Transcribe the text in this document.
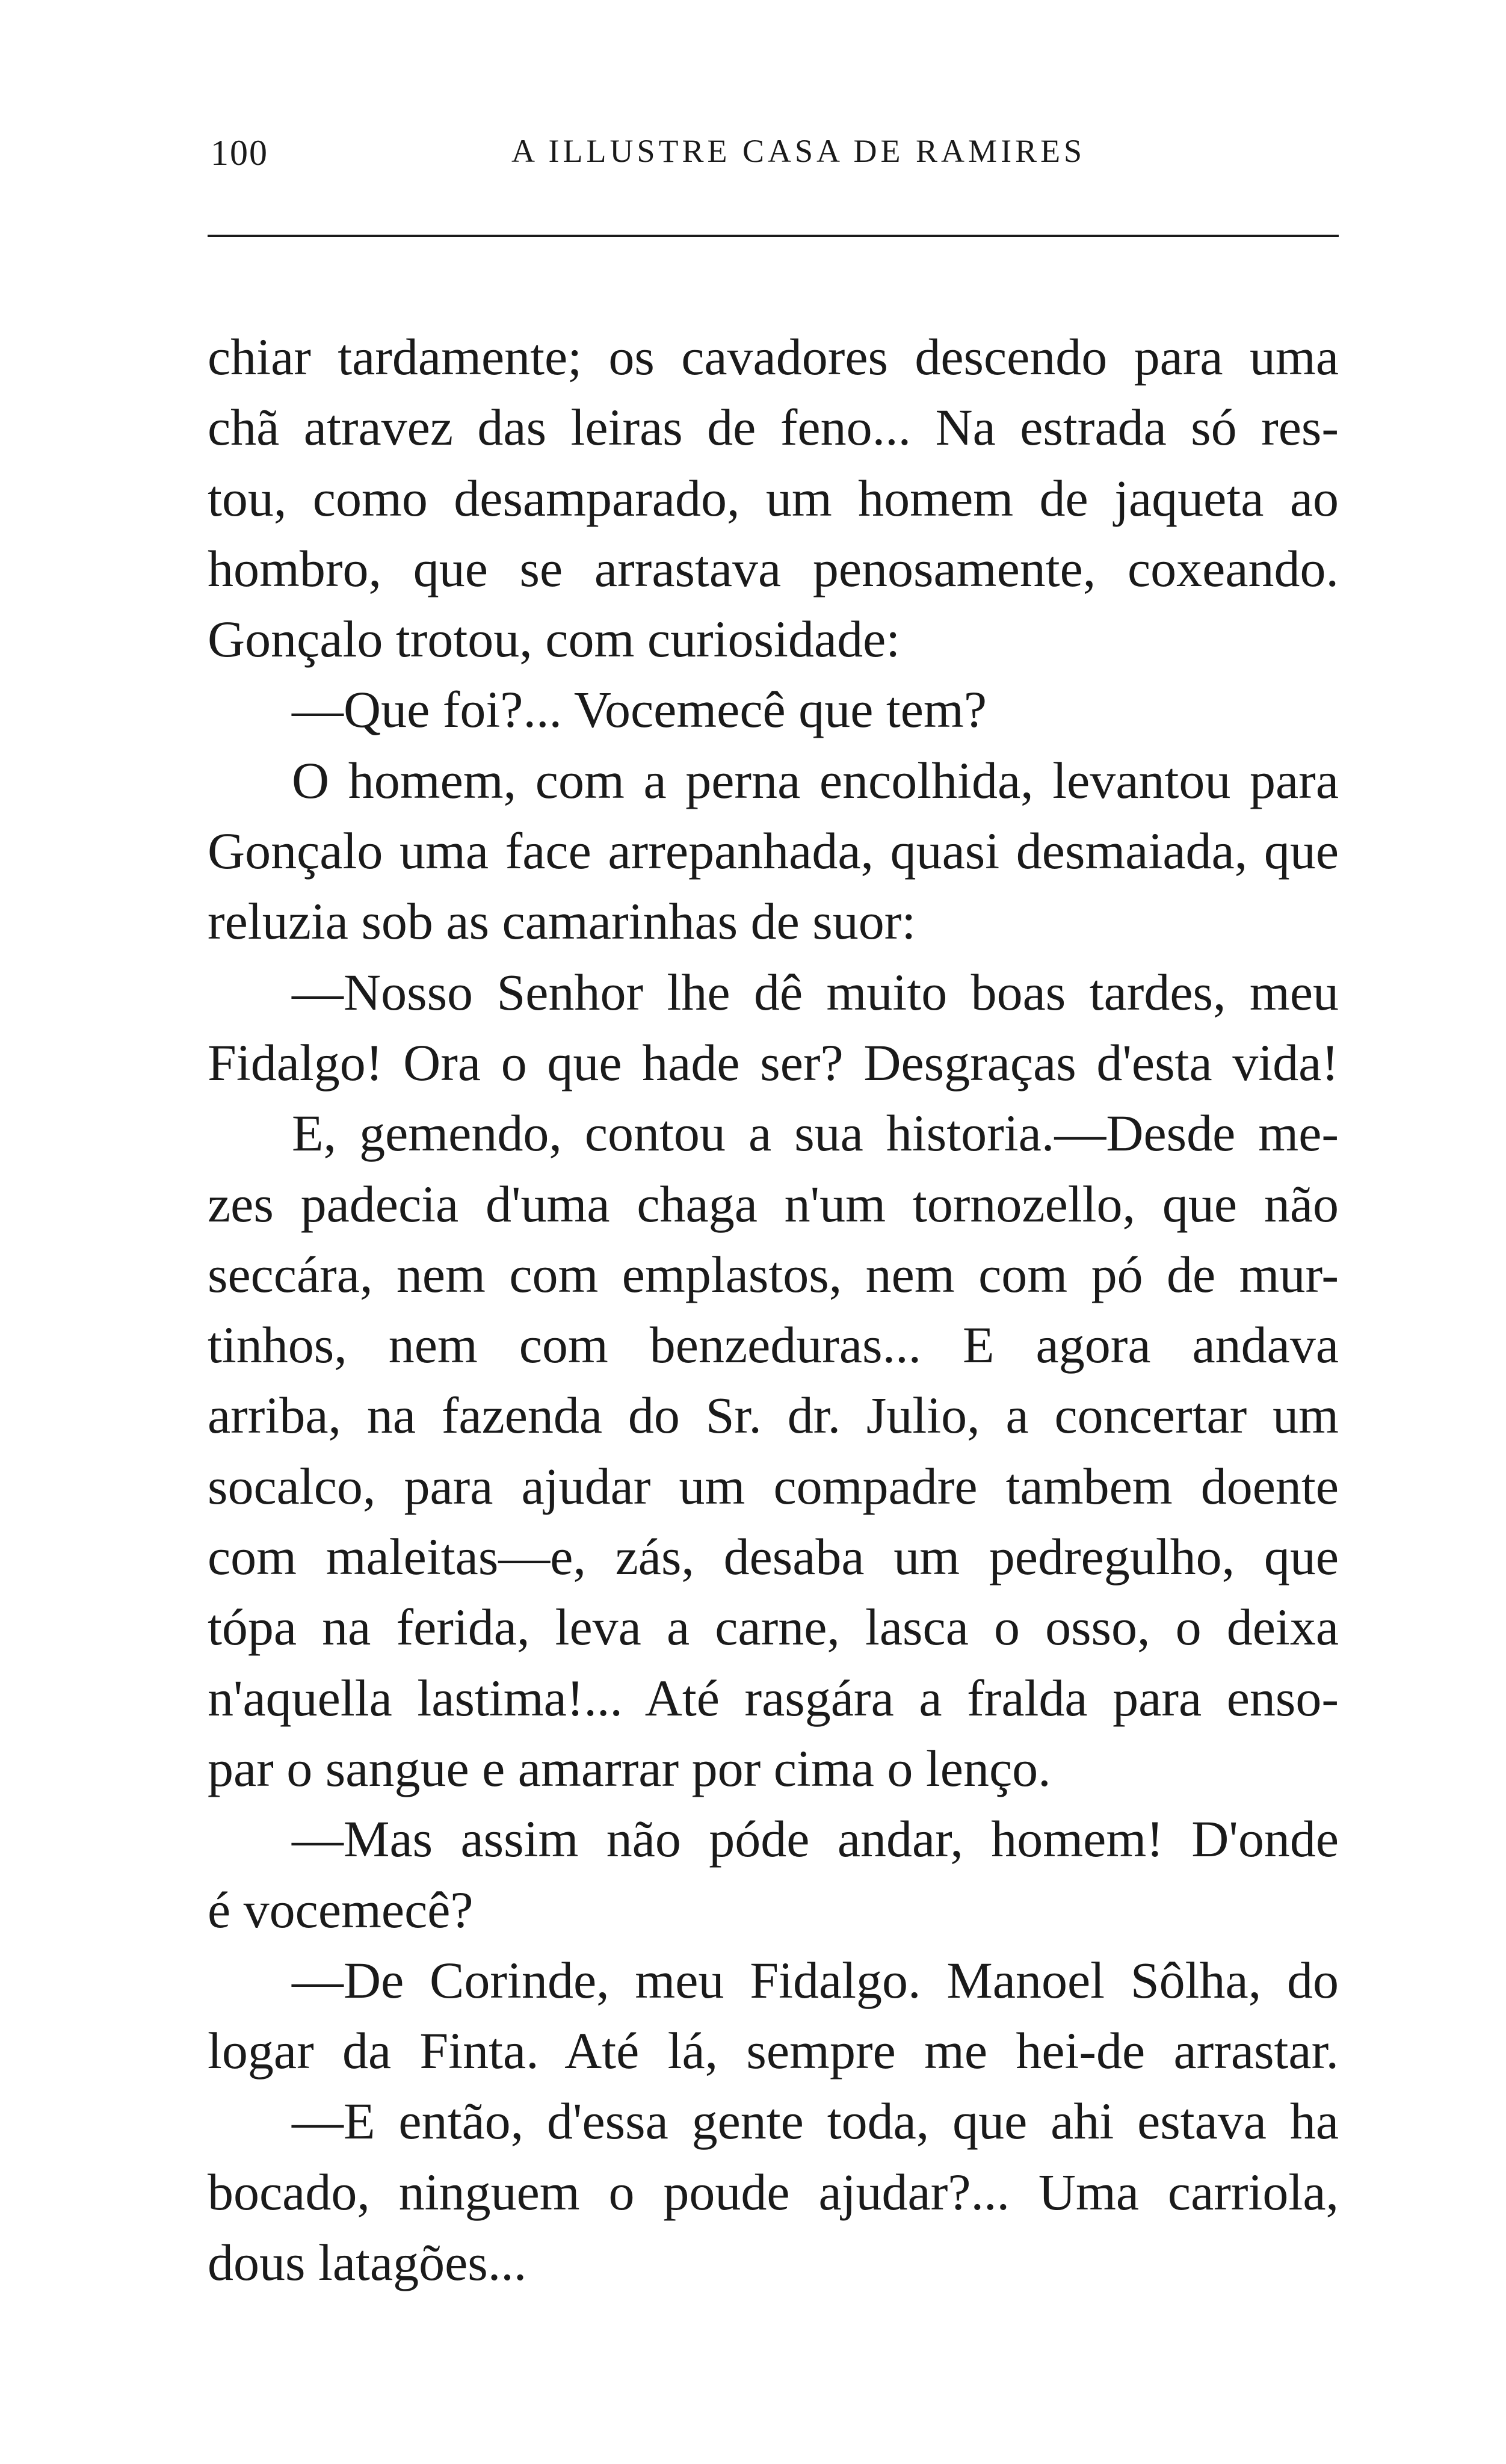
100	A ILLUSTRE CASA DE RAMIRES
chiar tardamente; os cavadores descendo para uma
chã atravez das leiras de feno... Na estrada só res-
tou, como desamparado, um homem de jaqueta ao
hombro, que se arrastava penosamente, coxeando.
Gonçalo trotou, com curiosidade:
—Que foi?... Vocemecê que tem?
O homem, com a perna encolhida, levantou para
Gonçalo uma face arrepanhada, quasi desmaiada, que
reluzia sob as camarinhas de suor:
—Nosso Senhor lhe dê muito boas tardes, meu
Fidalgo! Ora o que hade ser? Desgraças d'esta vida!
E, gemendo, contou a sua historia.—Desde me-
zes padecia d'uma chaga n'um tornozello, que não
seccára, nem com emplastos, nem com pó de mur-
tinhos, nem com benzeduras... E agora andava
arriba, na fazenda do Sr. dr. Julio, a concertar um
socalco, para ajudar um compadre tambem doente
com maleitas—e, zás, desaba um pedregulho, que
tópa na ferida, leva a carne, lasca o osso, o deixa
n'aquella lastima!... Até rasgára a fralda para enso-
par o sangue e amarrar por cima o lenço.
—Mas assim não póde andar, homem! D'onde
é vocemecê?
—De Corinde, meu Fidalgo. Manoel Sôlha, do
logar da Finta. Até lá, sempre me hei-de arrastar.
—E então, d'essa gente toda, que ahi estava ha
bocado, ninguem o poude ajudar?... Uma carriola,
dous latagões...
